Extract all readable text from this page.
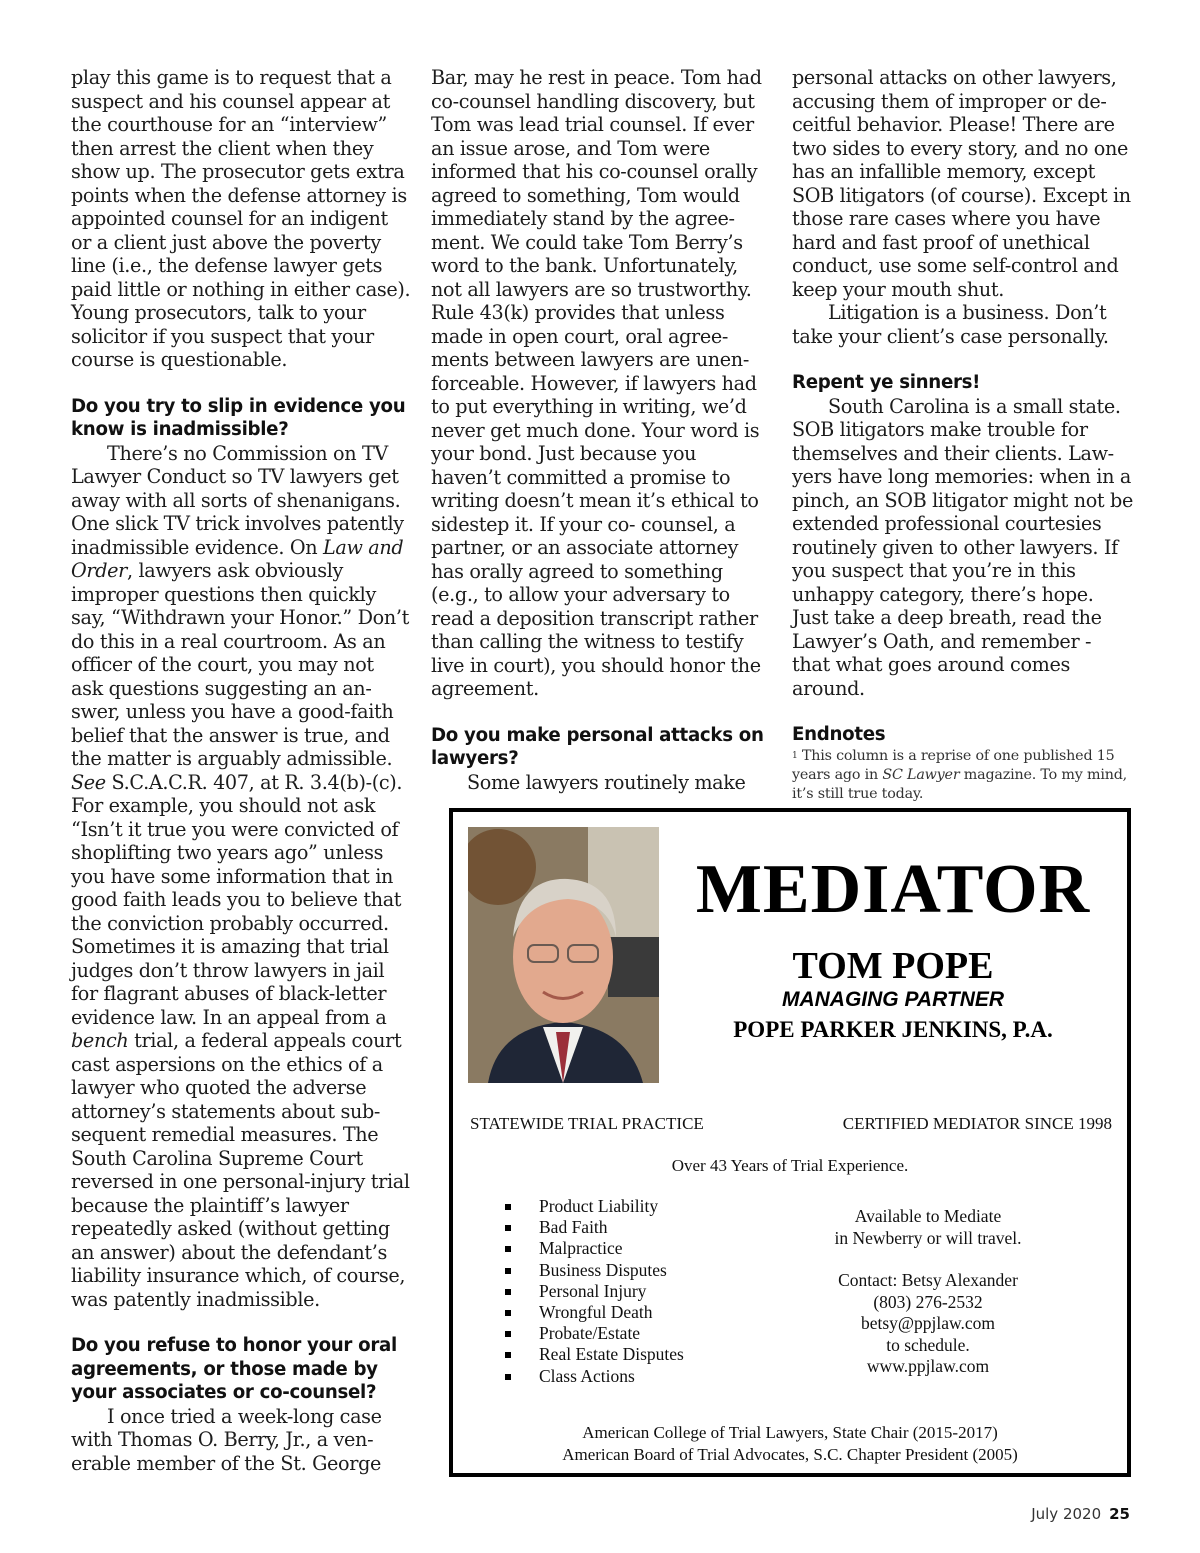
play this game is to request that a suspect and his counsel appear at the courthouse for an “interview” then arrest the client when they show up. The prosecutor gets extra points when the defense attorney is appointed counsel for an indigent or a client just above the poverty line (i.e., the defense lawyer gets paid little or nothing in either case). Young prosecutors, talk to your solicitor if you suspect that your course is questionable.

Do you try to slip in evidence you know is inadmissible?

There’s no Commission on TV Lawyer Conduct so TV lawyers get away with all sorts of shenanigans. One slick TV trick involves patently inadmissible evidence. On Law and Order, lawyers ask obviously improper questions then quickly say, “Withdrawn your Honor.” Don’t do this in a real courtroom. As an officer of the court, you may not ask questions suggesting an answer, unless you have a good-faith belief that the answer is true, and the matter is arguably admissible. See S.C.A.C.R. 407, at R. 3.4(b)-(c). For example, you should not ask “Isn’t it true you were convicted of shoplifting two years ago” unless you have some information that in good faith leads you to believe that the conviction probably occurred. Sometimes it is amazing that trial judges don’t throw lawyers in jail for flagrant abuses of black-letter evidence law. In an appeal from a bench trial, a federal appeals court cast aspersions on the ethics of a lawyer who quoted the adverse attorney’s statements about subsequent remedial measures. The South Carolina Supreme Court reversed in one personal-injury trial because the plaintiff’s lawyer repeatedly asked (without getting an answer) about the defendant’s liability insurance which, of course, was patently inadmissible.

Do you refuse to honor your oral agreements, or those made by your associates or co-counsel?

I once tried a week-long case with Thomas O. Berry, Jr., a venerable member of the St. George

Bar, may he rest in peace. Tom had co-counsel handling discovery, but Tom was lead trial counsel. If ever an issue arose, and Tom were informed that his co-counsel orally agreed to something, Tom would immediately stand by the agreement. We could take Tom Berry’s word to the bank. Unfortunately, not all lawyers are so trustworthy. Rule 43(k) provides that unless made in open court, oral agreements between lawyers are unenforceable. However, if lawyers had to put everything in writing, we’d never get much done. Your word is your bond. Just because you haven’t committed a promise to writing doesn’t mean it’s ethical to sidestep it. If your co- counsel, a partner, or an associate attorney has orally agreed to something (e.g., to allow your adversary to read a deposition transcript rather than calling the witness to testify live in court), you should honor the agreement.

Do you make personal attacks on lawyers?

Some lawyers routinely make

personal attacks on other lawyers, accusing them of improper or deceitful behavior. Please! There are two sides to every story, and no one has an infallible memory, except SOB litigators (of course). Except in those rare cases where you have hard and fast proof of unethical conduct, use some self-control and keep your mouth shut.

Litigation is a business. Don’t take your client’s case personally.

Repent ye sinners!

South Carolina is a small state. SOB litigators make trouble for themselves and their clients. Lawyers have long memories: when in a pinch, an SOB litigator might not be extended professional courtesies routinely given to other lawyers. If you suspect that you’re in this unhappy category, there’s hope. Just take a deep breath, read the Lawyer’s Oath, and remember - that what goes around comes around.

Endnotes

$^1$ This column is a reprise of one published 15 years ago in SC Lawyer magazine. To my mind, it’s still true today.

MEDIATOR
TOM POPE
MANAGING PARTNER
POPE PARKER JENKINS, P.A.
STATEWIDE TRIAL PRACTICE	CERTIFIED MEDIATOR SINCE 1998
Over 43 Years of Trial Experience.
Product Liability
Bad Faith
Malpractice
Business Disputes
Personal Injury
Wrongful Death
Probate/Estate
Real Estate Disputes
Class Actions
Available to Mediate
in Newberry or will travel.
Contact: Betsy Alexander
(803) 276-2532
betsy@ppjlaw.com
to schedule.
www.ppjlaw.com
American College of Trial Lawyers, State Chair (2015-2017)
American Board of Trial Advocates, S.C. Chapter President (2005)
July 2020 25
